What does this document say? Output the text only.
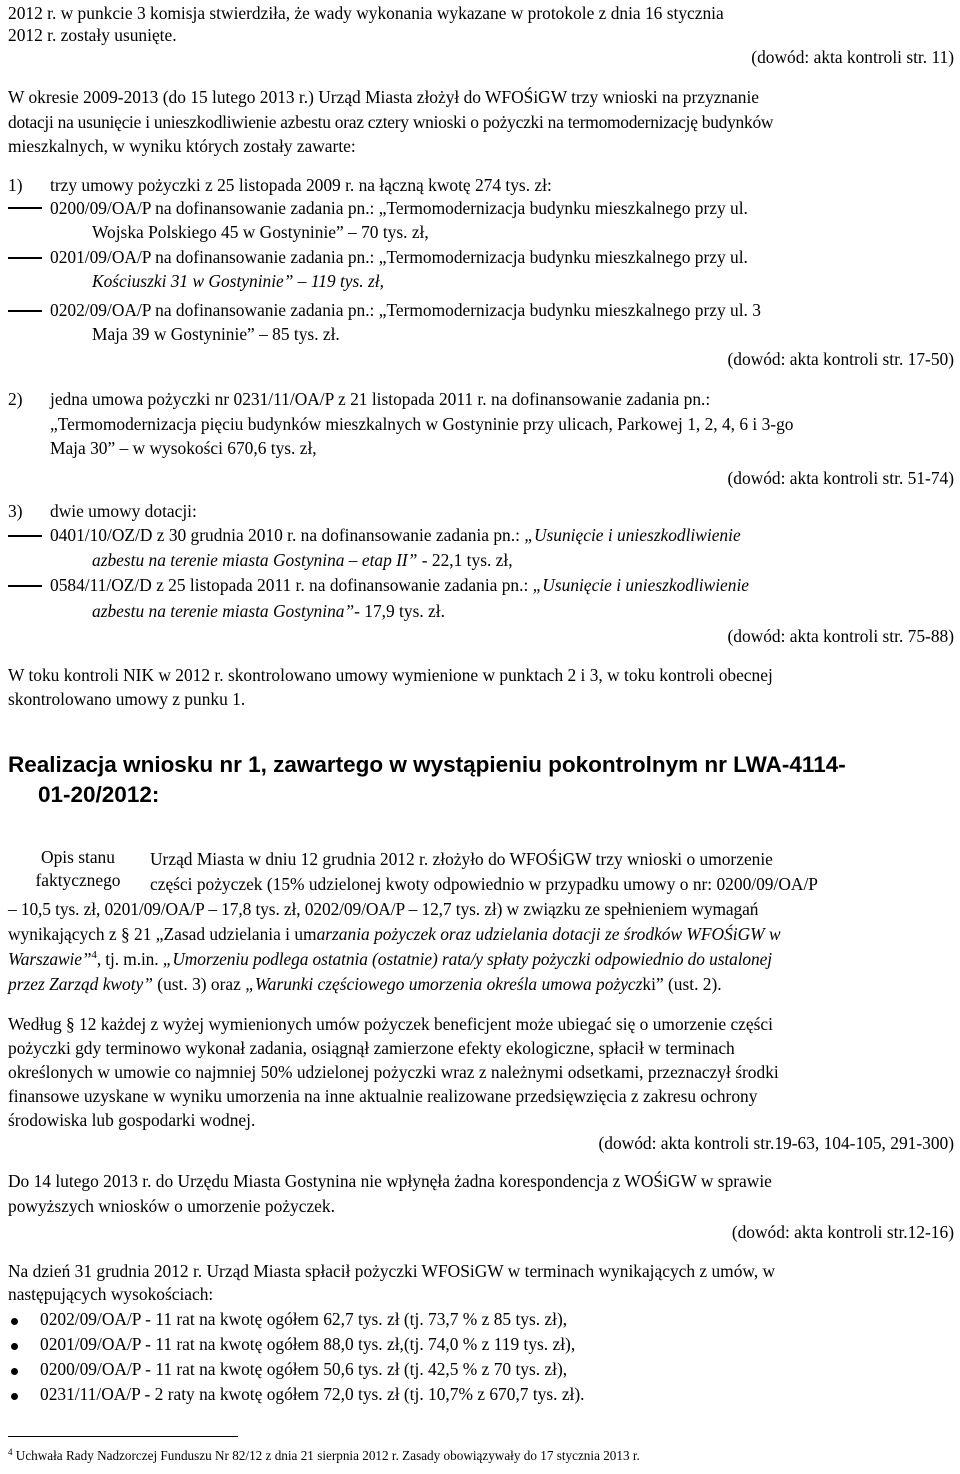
2012 r. w punkcie 3 komisja stwierdziła, że wady wykonania wykazane w protokole z dnia 16 stycznia
2012 r. zostały usunięte.
(dowód: akta kontroli str. 11)
W okresie 2009-2013 (do 15 lutego 2013 r.) Urząd Miasta złożył do WFOŚiGW trzy wnioski na przyznanie
dotacji na usunięcie i unieszkodliwienie azbestu oraz cztery wnioski o pożyczki na termomodernizację budynków
mieszkalnych, w wyniku których zostały zawarte:
1) trzy umowy pożyczki z 25 listopada 2009 r. na łączną kwotę 274 tys. zł:
0200/09/OA/P na dofinansowanie zadania pn.: „Termomodernizacja budynku mieszkalnego przy ul.
Wojska Polskiego 45 w Gostyninie” – 70 tys. zł,
0201/09/OA/P na dofinansowanie zadania pn.: „Termomodernizacja budynku mieszkalnego przy ul.
Kościuszki 31 w Gostyninie” – 119 tys. zł,
0202/09/OA/P na dofinansowanie zadania pn.: „Termomodernizacja budynku mieszkalnego przy ul. 3
Maja 39 w Gostyninie” – 85 tys. zł.
(dowód: akta kontroli str. 17-50)
2) jedna umowa pożyczki nr 0231/11/OA/P z 21 listopada 2011 r. na dofinansowanie zadania pn.:
„Termomodernizacja pięciu budynków mieszkalnych w Gostyninie przy ulicach, Parkowej 1, 2, 4, 6 i 3-go
Maja 30” – w wysokości 670,6 tys. zł,
(dowód: akta kontroli str. 51-74)
3) dwie umowy dotacji:
0401/10/OZ/D z 30 grudnia 2010 r. na dofinansowanie zadania pn.: „Usunięcie i unieszkodliwienie
azbestu na terenie miasta Gostynina – etap II” - 22,1 tys. zł,
0584/11/OZ/D z 25 listopada 2011 r. na dofinansowanie zadania pn.: „Usunięcie i unieszkodliwienie
azbestu na terenie miasta Gostynina”- 17,9 tys. zł.
(dowód: akta kontroli str. 75-88)
W toku kontroli NIK w 2012 r. skontrolowano umowy wymienione w punktach 2 i 3, w toku kontroli obecnej
skontrolowano umowy z punku 1.
Realizacja wniosku nr 1, zawartego w wystąpieniu pokontrolnym nr LWA-4114-
01-20/2012:
Opis stanu
faktycznego
Urząd Miasta w dniu 12 grudnia 2012 r. złożyło do WFOŚiGW trzy wnioski o umorzenie
części pożyczek (15% udzielonej kwoty odpowiednio w przypadku umowy o nr: 0200/09/OA/P
– 10,5 tys. zł, 0201/09/OA/P – 17,8 tys. zł, 0202/09/OA/P – 12,7 tys. zł) w związku ze spełnieniem wymagań
wynikających z § 21 „Zasad udzielania i umarzania pożyczek oraz udzielania dotacji ze środków WFOŚiGW w
Warszawie”$^4$, tj. m.in. „Umorzeniu podlega ostatnia (ostatnie) rata/y spłaty pożyczki odpowiednio do ustalonej
przez Zarząd kwoty” (ust. 3) oraz „Warunki częściowego umorzenia określa umowa pożyczki” (ust. 2).
Według § 12 każdej z wyżej wymienionych umów pożyczek beneficjent może ubiegać się o umorzenie części
pożyczki gdy terminowo wykonał zadania, osiągnął zamierzone efekty ekologiczne, spłacił w terminach
określonych w umowie co najmniej 50% udzielonej pożyczki wraz z należnymi odsetkami, przeznaczył środki
finansowe uzyskane w wyniku umorzenia na inne aktualnie realizowane przedsięwzięcia z zakresu ochrony
środowiska lub gospodarki wodnej.
(dowód: akta kontroli str.19-63, 104-105, 291-300)
Do 14 lutego 2013 r. do Urzędu Miasta Gostynina nie wpłynęła żadna korespondencja z WOŚiGW w sprawie
powyższych wniosków o umorzenie pożyczek.
(dowód: akta kontroli str.12-16)
Na dzień 31 grudnia 2012 r. Urząd Miasta spłacił pożyczki WFOSiGW w terminach wynikających z umów, w
następujących wysokościach:
0202/09/OA/P - 11 rat na kwotę ogółem 62,7 tys. zł (tj. 73,7 % z 85 tys. zł),
0201/09/OA/P - 11 rat na kwotę ogółem 88,0 tys. zł,(tj. 74,0 % z 119 tys. zł),
0200/09/OA/P - 11 rat na kwotę ogółem 50,6 tys. zł (tj. 42,5 % z 70 tys. zł),
0231/11/OA/P - 2 raty na kwotę ogółem 72,0 tys. zł (tj. 10,7% z 670,7 tys. zł).
$^4$ Uchwała Rady Nadzorczej Funduszu Nr 82/12 z dnia 21 sierpnia 2012 r. Zasady obowiązywały do 17 stycznia 2013 r.
